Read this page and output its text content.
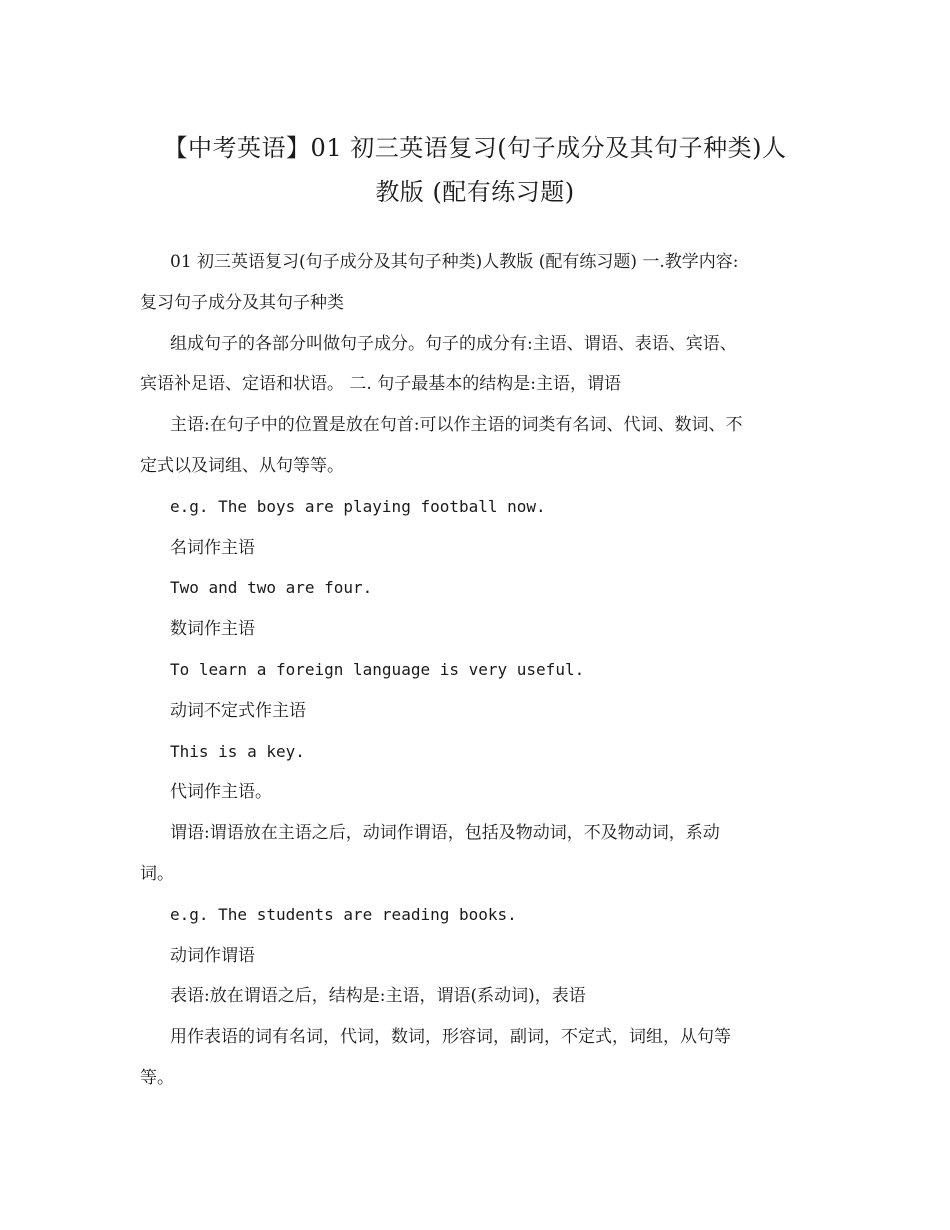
【中考英语】01 初三英语复习(句子成分及其句子种类)人
教版 (配有练习题)

01 初三英语复习(句子成分及其句子种类)人教版 (配有练习题) 一.教学内容:

复习句子成分及其句子种类

组成句子的各部分叫做句子成分。句子的成分有:主语、谓语、表语、宾语、

宾语补足语、定语和状语。 二. 句子最基本的结构是:主语，谓语

主语:在句子中的位置是放在句首:可以作主语的词类有名词、代词、数词、不

定式以及词组、从句等等。

e.g. The boys are playing football now.

名词作主语

Two and two are four.

数词作主语

To learn a foreign language is very useful.

动词不定式作主语

This is a key.

代词作主语。

谓语:谓语放在主语之后，动词作谓语，包括及物动词，不及物动词，系动

词。

e.g. The students are reading books.

动词作谓语

表语:放在谓语之后，结构是:主语，谓语(系动词)，表语

用作表语的词有名词，代词，数词，形容词，副词，不定式，词组，从句等

等。
